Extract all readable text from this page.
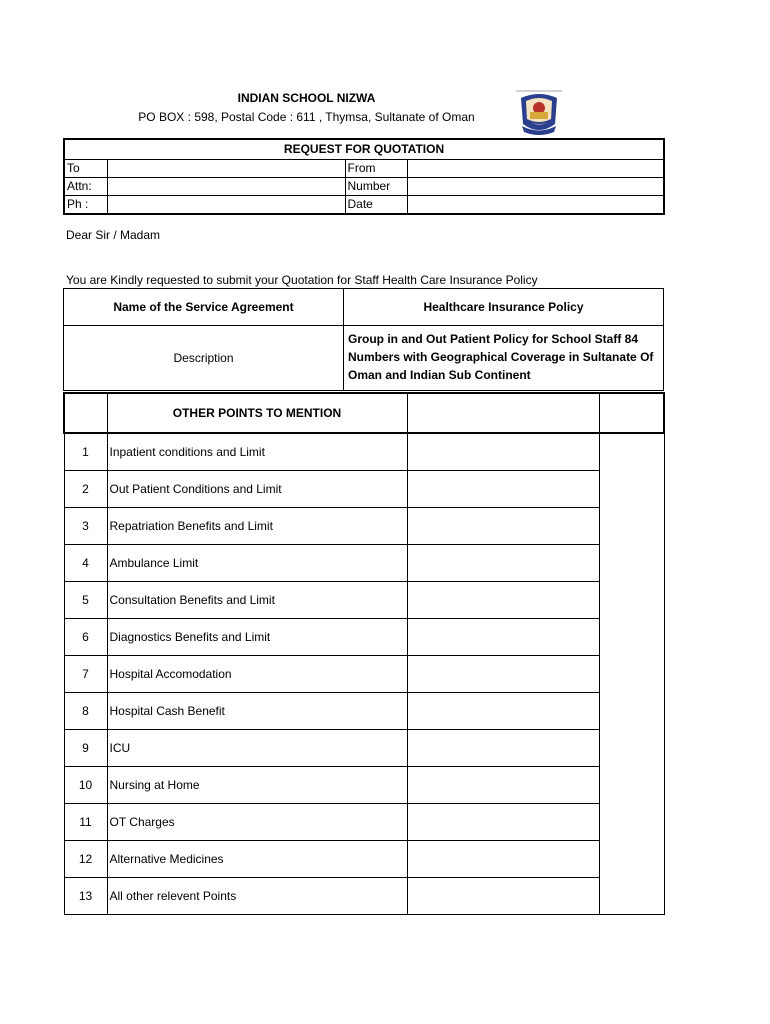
INDIAN SCHOOL NIZWA
PO BOX : 598, Postal Code : 611 , Thymsa, Sultanate of Oman
REQUEST FOR QUOTATION			
To		From	
Attn:		Number	
Ph :		Date	
Dear Sir / Madam
You are Kindly requested to submit your Quotation for Staff Health Care Insurance Policy
Name of the Service Agreement	Healthcare Insurance Policy
Description	Group in and Out Patient Policy for School Staff 84 Numbers with Geographical Coverage in Sultanate Of Oman and Indian Sub Continent
	OTHER POINTS TO MENTION		
1	Inpatient conditions and Limit		
2	Out Patient Conditions and Limit		
3	Repatriation Benefits and Limit		
4	Ambulance Limit		
5	Consultation Benefits and Limit		
6	Diagnostics Benefits and Limit		
7	Hospital Accomodation		
8	Hospital Cash Benefit		
9	ICU		
10	Nursing at Home		
11	OT Charges		
12	Alternative Medicines		
13	All other relevent Points		
